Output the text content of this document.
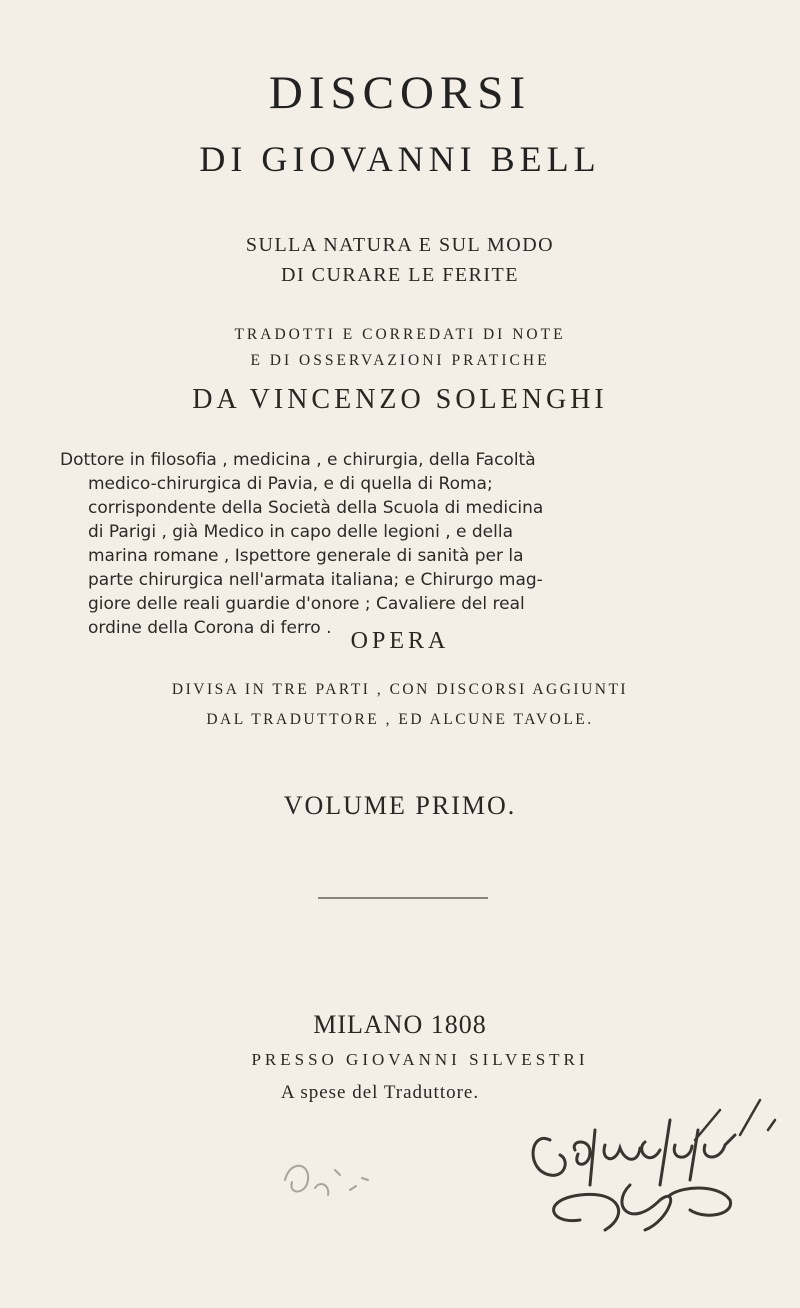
DISCORSI
DI GIOVANNI BELL
SULLA NATURA E SUL MODO
DI CURARE LE FERITE
TRADOTTI E CORREDATI DI NOTE
E DI OSSERVAZIONI PRATICHE
DA VINCENZO SOLENGHI
Dottore in filosofia , medicina , e chirurgia, della Facoltà
medico-chirurgica di Pavia, e di quella di Roma;
corrispondente della Società della Scuola di medicina
di Parigi , già Medico in capo delle legioni , e della
marina romane , Ispettore generale di sanità per la
parte chirurgica nell'armata italiana; e Chirurgo mag-
giore delle reali guardie d'onore ; Cavaliere del real
ordine della Corona di ferro . OPERA
DIVISA IN TRE PARTI , CON DISCORSI AGGIUNTI
DAL TRADUTTORE , ED ALCUNE TAVOLE.
VOLUME PRIMO.
MILANO 1808
PRESSO GIOVANNI SILVESTRI
A spese del Traduttore.
